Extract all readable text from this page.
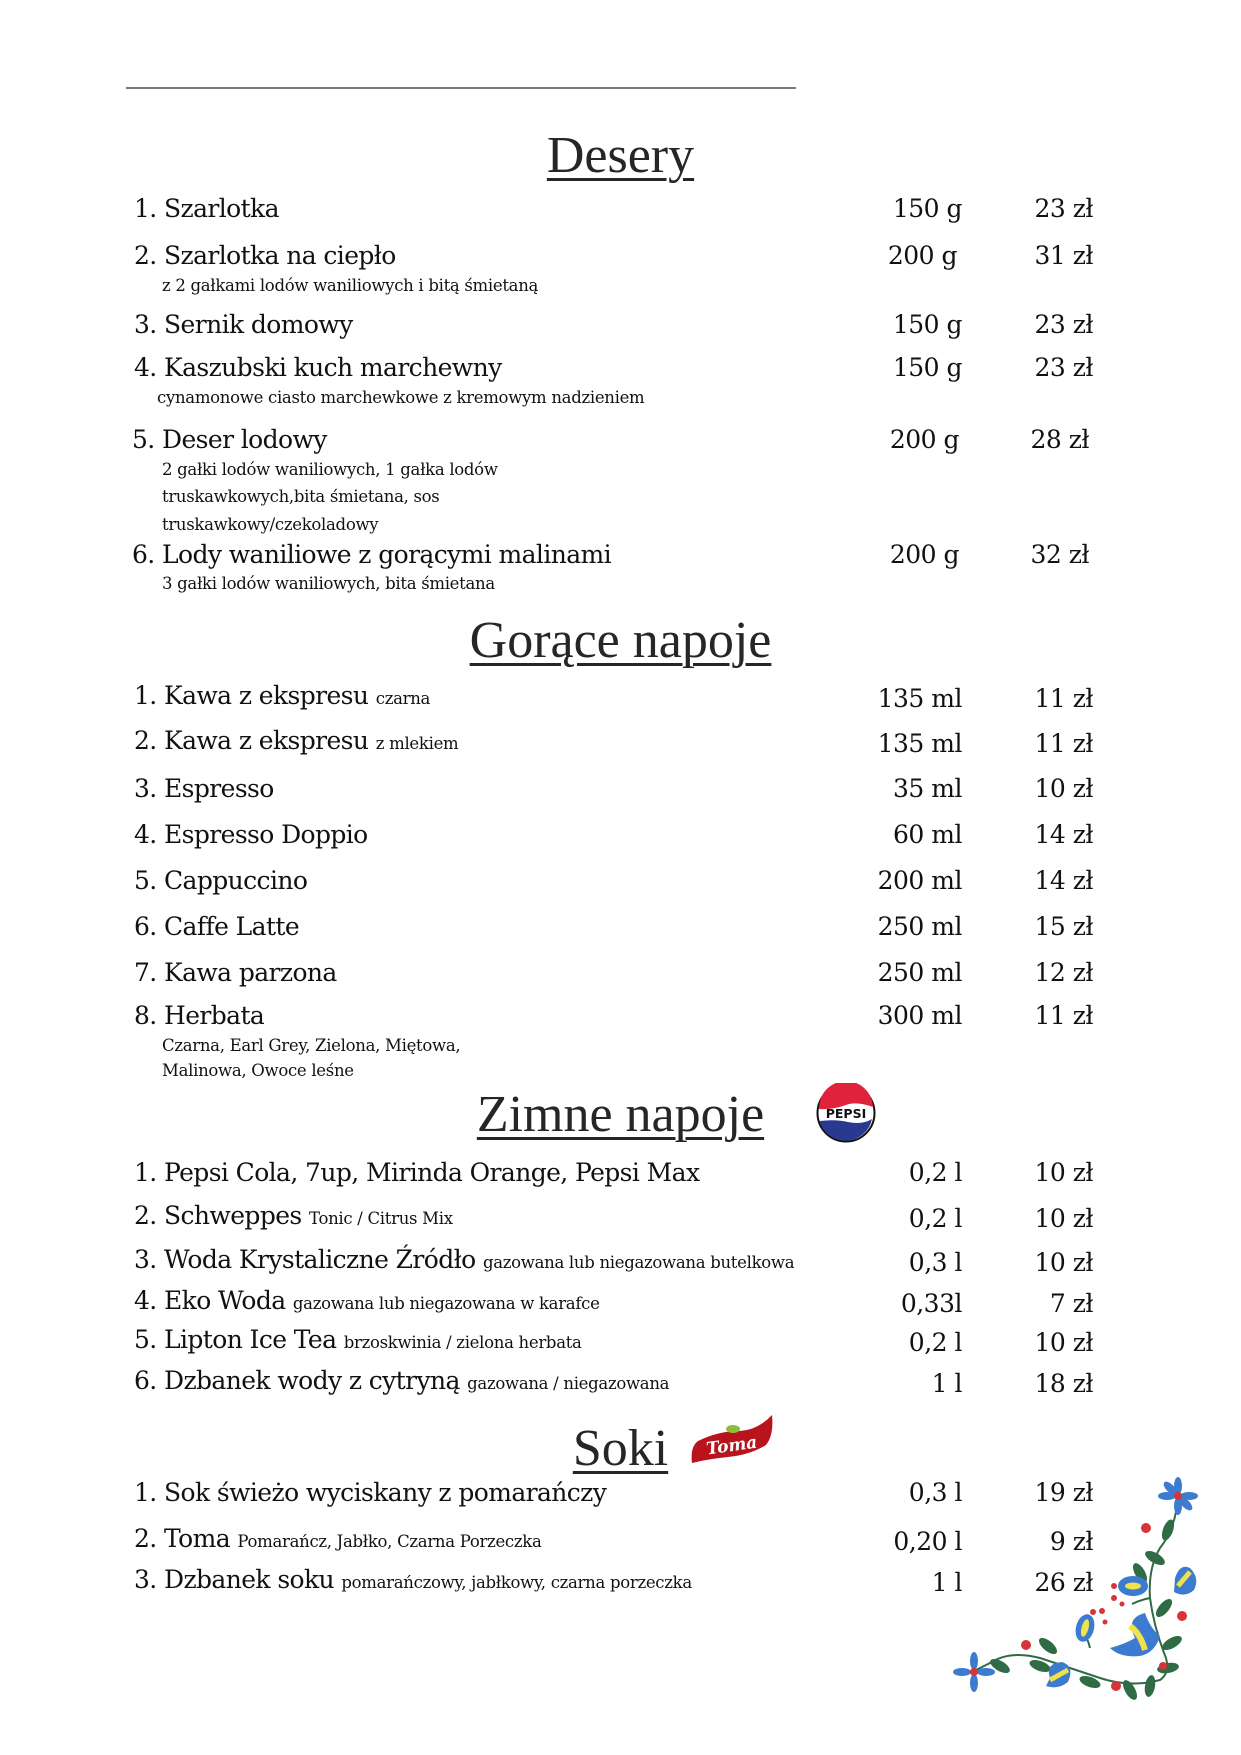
Desery
1. Szarlotka	150 g	23 zł
2. Szarlotka na ciepło	200 g	31 zł
z 2 gałkami lodów waniliowych i bitą śmietaną
3. Sernik domowy	150 g	23 zł
4. Kaszubski kuch marchewny	150 g	23 zł
cynamonowe ciasto marchewkowe z kremowym nadzieniem
5. Deser lodowy	200 g	28 zł
2 gałki lodów waniliowych, 1 gałka lodów
truskawkowych,bita śmietana, sos
truskawkowy/czekoladowy
6. Lody waniliowe z gorącymi malinami	200 g	32 zł
3 gałki lodów waniliowych, bita śmietana
Gorące napoje
1. Kawa z ekspresu czarna	135 ml	11 zł
2. Kawa z ekspresu z mlekiem	135 ml	11 zł
3. Espresso	35 ml	10 zł
4. Espresso Doppio	60 ml	14 zł
5. Cappuccino	200 ml	14 zł
6. Caffe Latte	250 ml	15 zł
7. Kawa parzona	250 ml	12 zł
8. Herbata	300 ml	11 zł
Czarna, Earl Grey, Zielona, Miętowa,
Malinowa, Owoce leśne
Zimne napoje	PEPSI
1. Pepsi Cola, 7up, Mirinda Orange, Pepsi Max	0,2 l	10 zł
2. Schweppes Tonic / Citrus Mix	0,2 l	10 zł
3. Woda Krystaliczne Źródło gazowana lub niegazowana butelkowa	0,3 l	10 zł
4. Eko Woda gazowana lub niegazowana w karafce	0,33l	7 zł
5. Lipton Ice Tea brzoskwinia / zielona herbata	0,2 l	10 zł
6. Dzbanek wody z cytryną gazowana / niegazowana	1 l	18 zł
Soki	Toma
1. Sok świeżo wyciskany z pomarańczy	0,3 l	19 zł
2. Toma Pomarańcz, Jabłko, Czarna Porzeczka	0,20 l	9 zł
3. Dzbanek soku pomarańczowy, jabłkowy, czarna porzeczka	1 l	26 zł
